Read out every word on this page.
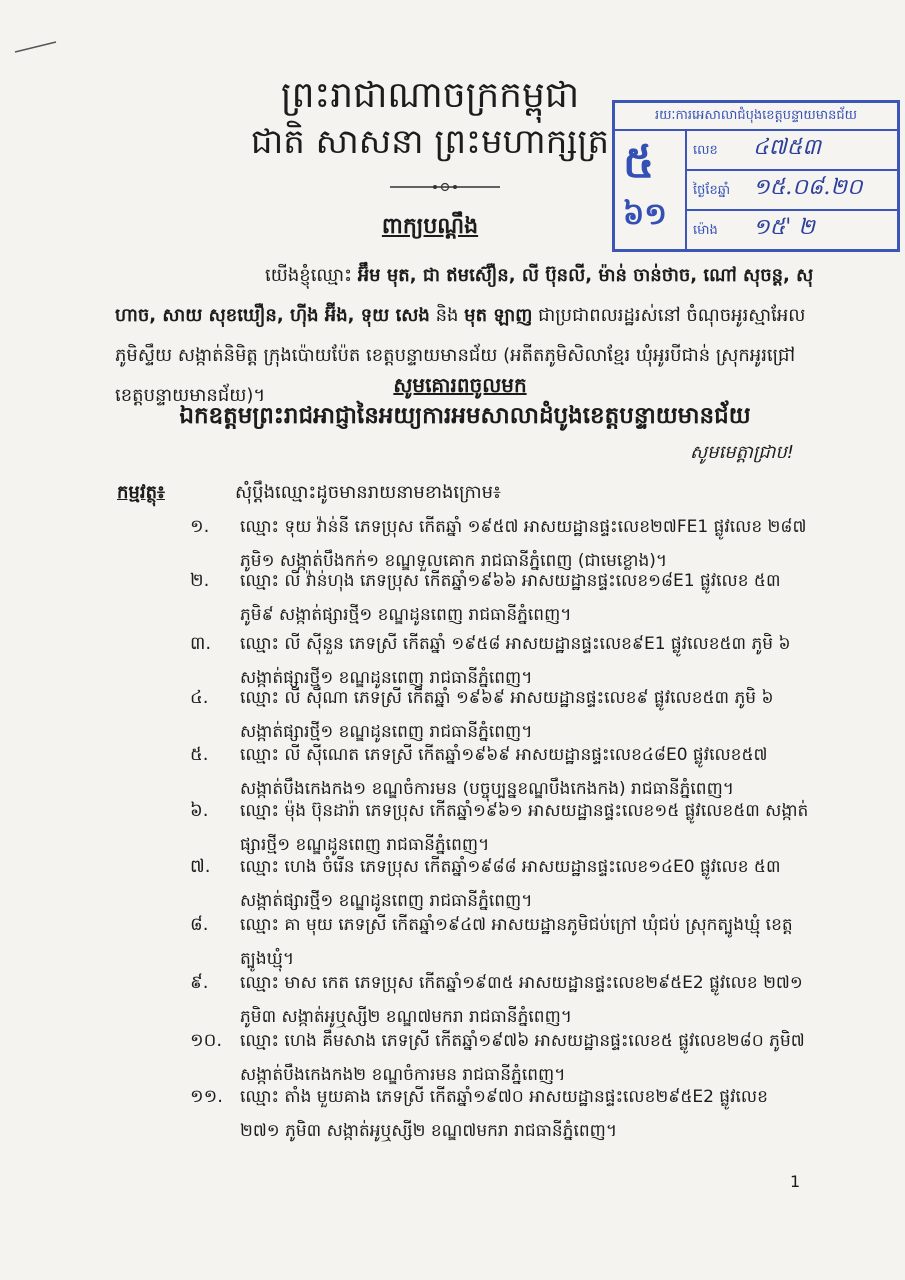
ព្រះរាជាណាចក្រកម្ពុជា
ជាតិ សាសនា ព្រះមហាក្សត្រ
ពាក្យបណ្តឹង
រយៈការអេសាលាជំបុងខេត្តបន្ទាយមានជ័យ
៥
៦១
លេខ ៤៧៥៣
ថ្ងៃខែឆ្នាំ ១៥.០៨.២០
ម៉ោង ១៥' ២
យើងខ្ញុំឈ្មោះ អ៊ឹម មុត, ជា ឥមស៊ឿន, លី ប៊ុនលី, ម៉ាន់ ចាន់ថាច, ណៅ សុចន្ត, សុ ហាច, សាយ សុខឃឿន, ហ៊ីង អ៊ីង, ទុយ សេង និង មុត ឡាញ ជាប្រជាពលរដ្ឋរស់នៅ ចំណុចអូរស្មាអែល ភូមិស្ទឹយ សង្កាត់និមិត្ត ក្រុងប៉ោយប៉ែត ខេត្តបន្ទាយមានជ័យ (អតីតភូមិសិលាខ្មែរ ឃុំអូរបីជាន់ ស្រុកអូរជ្រៅ ខេត្តបន្ទាយមានជ័យ)។	សូមគោរពចូលមក
ឯកឧត្តមព្រះរាជអាជ្ញានៃអយ្យការអមសាលាដំបូងខេត្តបន្ទាយមានជ័យ
សូមមេត្តាជ្រាប!
កម្មវត្ថុ៖	សុំប្តឹងឈ្មោះដូចមានរាយនាមខាងក្រោម៖
១.	ឈ្មោះ ទុយ វ៉ាន់នី ភេទប្រុស កើតឆ្នាំ ១៩៥៧ អាសយដ្ឋានផ្ទះលេខ២៧FE1 ផ្លូវលេខ ២៨៧ ភូមិ១ សង្កាត់បឹងកក់១ ខណ្ឌទួលគោក រាជធានីភ្នំពេញ (ជាមេខ្លោង)។
២.	ឈ្មោះ លី វ៉ាន់ហុង ភេទប្រុស កើតឆ្នាំ១៩៦៦ អាសយដ្ឋានផ្ទះលេខ១៨E1 ផ្លូវលេខ ៥៣ ភូមិ៩ សង្កាត់ផ្សារថ្មី១ ខណ្ឌដូនពេញ រាជធានីភ្នំពេញ។
៣.	ឈ្មោះ លី ស៊ីនួន ភេទស្រី កើតឆ្នាំ ១៩៥៨ អាសយដ្ឋានផ្ទះលេខ៩E1 ផ្លូវលេខ៥៣ ភូមិ ៦ សង្កាត់ផ្សារថ្មី១ ខណ្ឌដូនពេញ រាជធានីភ្នំពេញ។
៤.	ឈ្មោះ លី ស៊ីណា ភេទស្រី កើតឆ្នាំ ១៩៦៩ អាសយដ្ឋានផ្ទះលេខ៩ ផ្លូវលេខ៥៣ ភូមិ ៦ សង្កាត់ផ្សារថ្មី១ ខណ្ឌដូនពេញ រាជធានីភ្នំពេញ។
៥.	ឈ្មោះ លី ស៊ីណេត ភេទស្រី កើតឆ្នាំ១៩៦៩ អាសយដ្ឋានផ្ទះលេខ៤៨E0 ផ្លូវលេខ៥៧ សង្កាត់បឹងកេងកង១ ខណ្ឌចំការមន (បច្ចុប្បន្នខណ្ឌបឹងកេងកង) រាជធានីភ្នំពេញ។
៦.	ឈ្មោះ ម៉ុង ប៊ុនដារ៉ា ភេទប្រុស កើតឆ្នាំ១៩៦១ អាសយដ្ឋានផ្ទះលេខ១៥ ផ្លូវលេខ៥៣ សង្កាត់ផ្សារថ្មី១ ខណ្ឌដូនពេញ រាជធានីភ្នំពេញ។
៧.	ឈ្មោះ ហេង ចំរើន ភេទប្រុស កើតឆ្នាំ១៩៨៨ អាសយដ្ឋានផ្ទះលេខ១៤E0 ផ្លូវលេខ ៥៣ សង្កាត់ផ្សារថ្មី១ ខណ្ឌដូនពេញ រាជធានីភ្នំពេញ។
៨.	ឈ្មោះ គា មុយ ភេទស្រី កើតឆ្នាំ១៩៤៧ អាសយដ្ឋានភូមិជប់ក្រៅ ឃុំជប់ ស្រុកត្បូងឃ្មុំ ខេត្តត្បូងឃ្មុំ។
៩.	ឈ្មោះ មាស កេត ភេទប្រុស កើតឆ្នាំ១៩៣៥ អាសយដ្ឋានផ្ទះលេខ២៩៥E2 ផ្លូវលេខ ២៧១ ភូមិ៣ សង្កាត់អូឬស្សី២ ខណ្ឌ៧មករា រាជធានីភ្នំពេញ។
១០.	ឈ្មោះ ហេង គឹមសាង ភេទស្រី កើតឆ្នាំ១៩៧៦ អាសយដ្ឋានផ្ទះលេខ៥ ផ្លូវលេខ២៨០ ភូមិ៧ សង្កាត់បឹងកេងកង២ ខណ្ឌចំការមន រាជធានីភ្នំពេញ។
១១.	ឈ្មោះ តាំង មួយគាង ភេទស្រី កើតឆ្នាំ១៩៧០ អាសយដ្ឋានផ្ទះលេខ២៩៥E2 ផ្លូវលេខ ២៧១ ភូមិ៣ សង្កាត់អូឬស្សី២ ខណ្ឌ៧មករា រាជធានីភ្នំពេញ។
1
